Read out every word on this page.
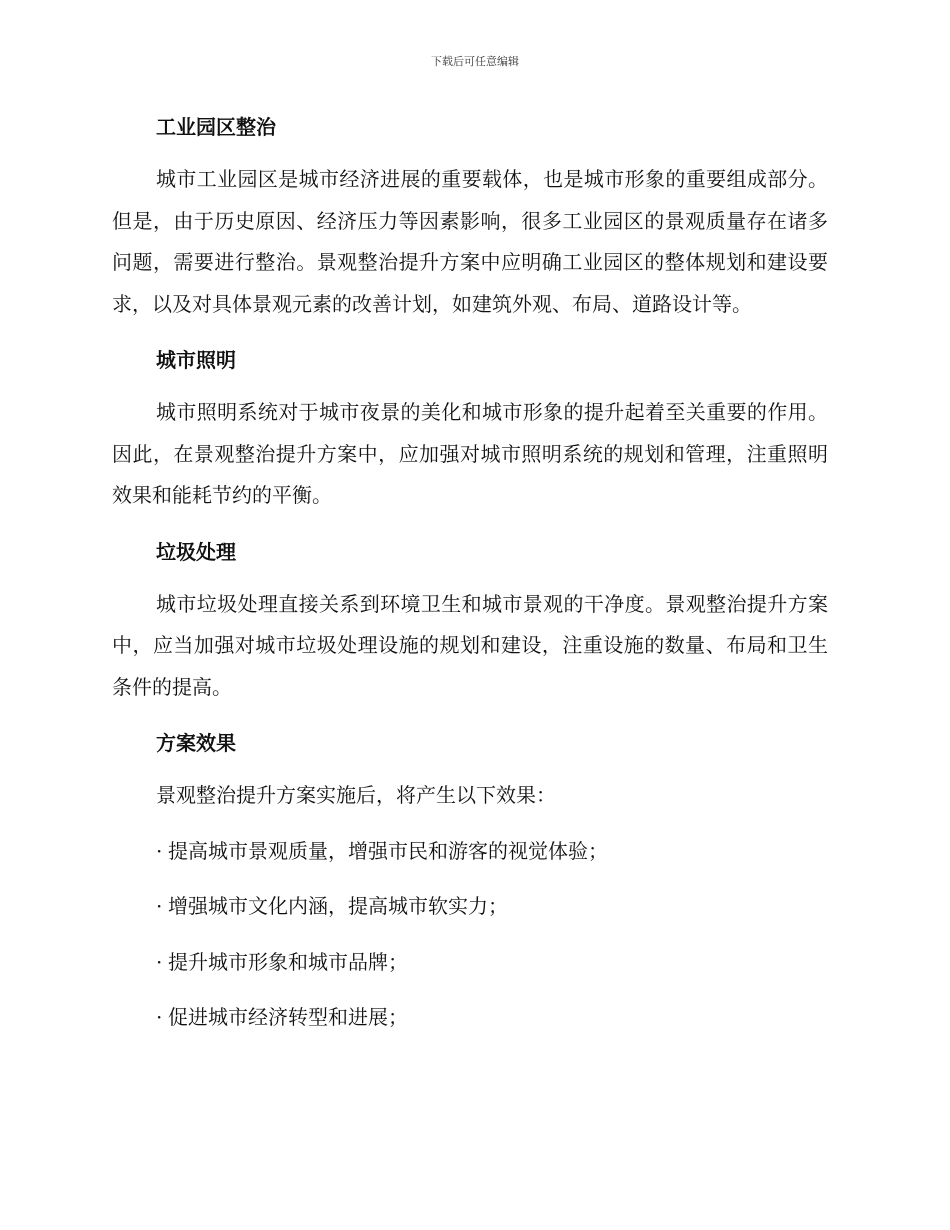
下载后可任意编辑
工业园区整治

城市工业园区是城市经济进展的重要载体，也是城市形象的重要组成部分。但是，由于历史原因、经济压力等因素影响，很多工业园区的景观质量存在诸多问题，需要进行整治。景观整治提升方案中应明确工业园区的整体规划和建设要求，以及对具体景观元素的改善计划，如建筑外观、布局、道路设计等。

城市照明

城市照明系统对于城市夜景的美化和城市形象的提升起着至关重要的作用。因此，在景观整治提升方案中，应加强对城市照明系统的规划和管理，注重照明效果和能耗节约的平衡。

垃圾处理

城市垃圾处理直接关系到环境卫生和城市景观的干净度。景观整治提升方案中，应当加强对城市垃圾处理设施的规划和建设，注重设施的数量、布局和卫生条件的提高。

方案效果

景观整治提升方案实施后，将产生以下效果：

· 提高城市景观质量，增强市民和游客的视觉体验；
· 增强城市文化内涵，提高城市软实力；
· 提升城市形象和城市品牌；
· 促进城市经济转型和进展；
